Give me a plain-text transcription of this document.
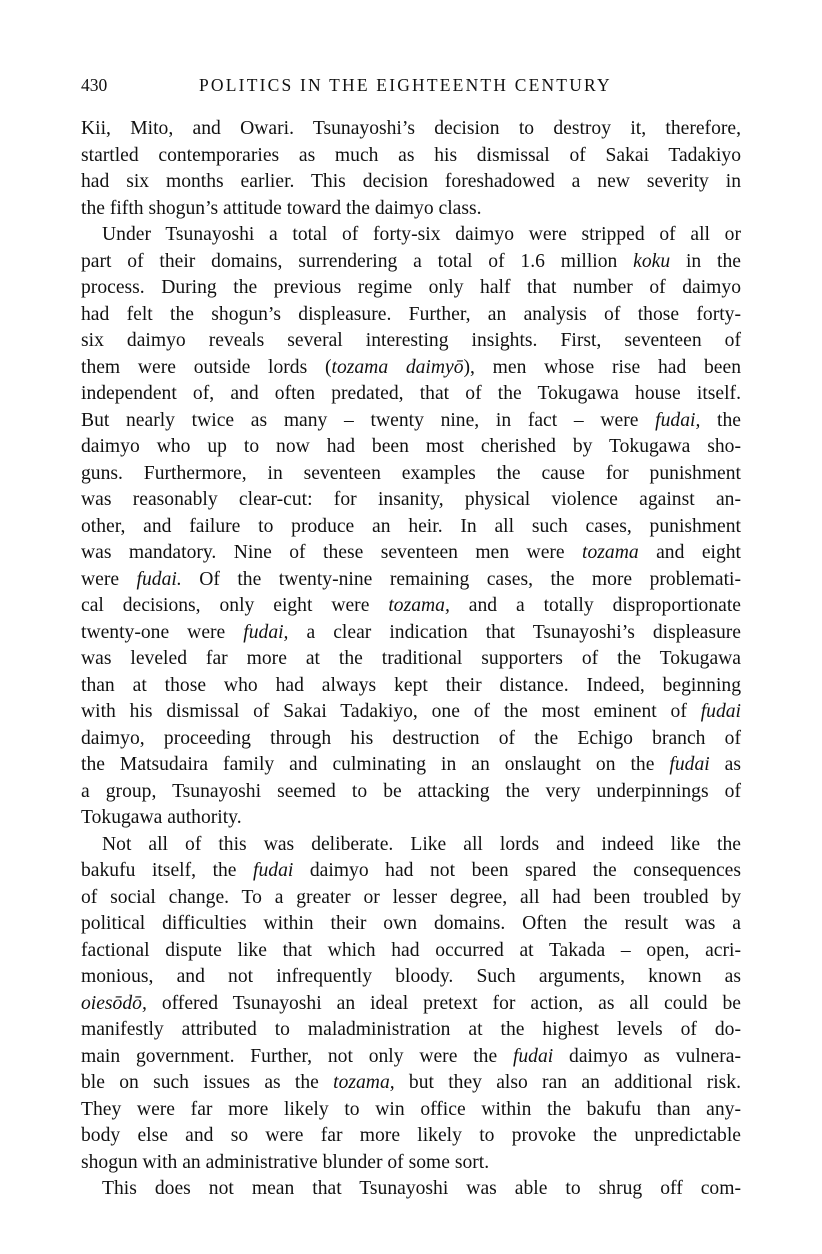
430	POLITICS IN THE EIGHTEENTH CENTURY
Kii, Mito, and Owari. Tsunayoshi’s decision to destroy it, therefore,
startled contemporaries as much as his dismissal of Sakai Tadakiyo
had six months earlier. This decision foreshadowed a new severity in
the fifth shogun’s attitude toward the daimyo class.
Under Tsunayoshi a total of forty-six daimyo were stripped of all or
part of their domains, surrendering a total of 1.6 million koku in the
process. During the previous regime only half that number of daimyo
had felt the shogun’s displeasure. Further, an analysis of those forty-
six daimyo reveals several interesting insights. First, seventeen of
them were outside lords (tozama daimyō), men whose rise had been
independent of, and often predated, that of the Tokugawa house itself.
But nearly twice as many – twenty nine, in fact – were fudai, the
daimyo who up to now had been most cherished by Tokugawa sho-
guns. Furthermore, in seventeen examples the cause for punishment
was reasonably clear-cut: for insanity, physical violence against an-
other, and failure to produce an heir. In all such cases, punishment
was mandatory. Nine of these seventeen men were tozama and eight
were fudai. Of the twenty-nine remaining cases, the more problemati-
cal decisions, only eight were tozama, and a totally disproportionate
twenty-one were fudai, a clear indication that Tsunayoshi’s displeasure
was leveled far more at the traditional supporters of the Tokugawa
than at those who had always kept their distance. Indeed, beginning
with his dismissal of Sakai Tadakiyo, one of the most eminent of fudai
daimyo, proceeding through his destruction of the Echigo branch of
the Matsudaira family and culminating in an onslaught on the fudai as
a group, Tsunayoshi seemed to be attacking the very underpinnings of
Tokugawa authority.
Not all of this was deliberate. Like all lords and indeed like the
bakufu itself, the fudai daimyo had not been spared the consequences
of social change. To a greater or lesser degree, all had been troubled by
political difficulties within their own domains. Often the result was a
factional dispute like that which had occurred at Takada – open, acri-
monious, and not infrequently bloody. Such arguments, known as
oiesōdō, offered Tsunayoshi an ideal pretext for action, as all could be
manifestly attributed to maladministration at the highest levels of do-
main government. Further, not only were the fudai daimyo as vulnera-
ble on such issues as the tozama, but they also ran an additional risk.
They were far more likely to win office within the bakufu than any-
body else and so were far more likely to provoke the unpredictable
shogun with an administrative blunder of some sort.
This does not mean that Tsunayoshi was able to shrug off com-
